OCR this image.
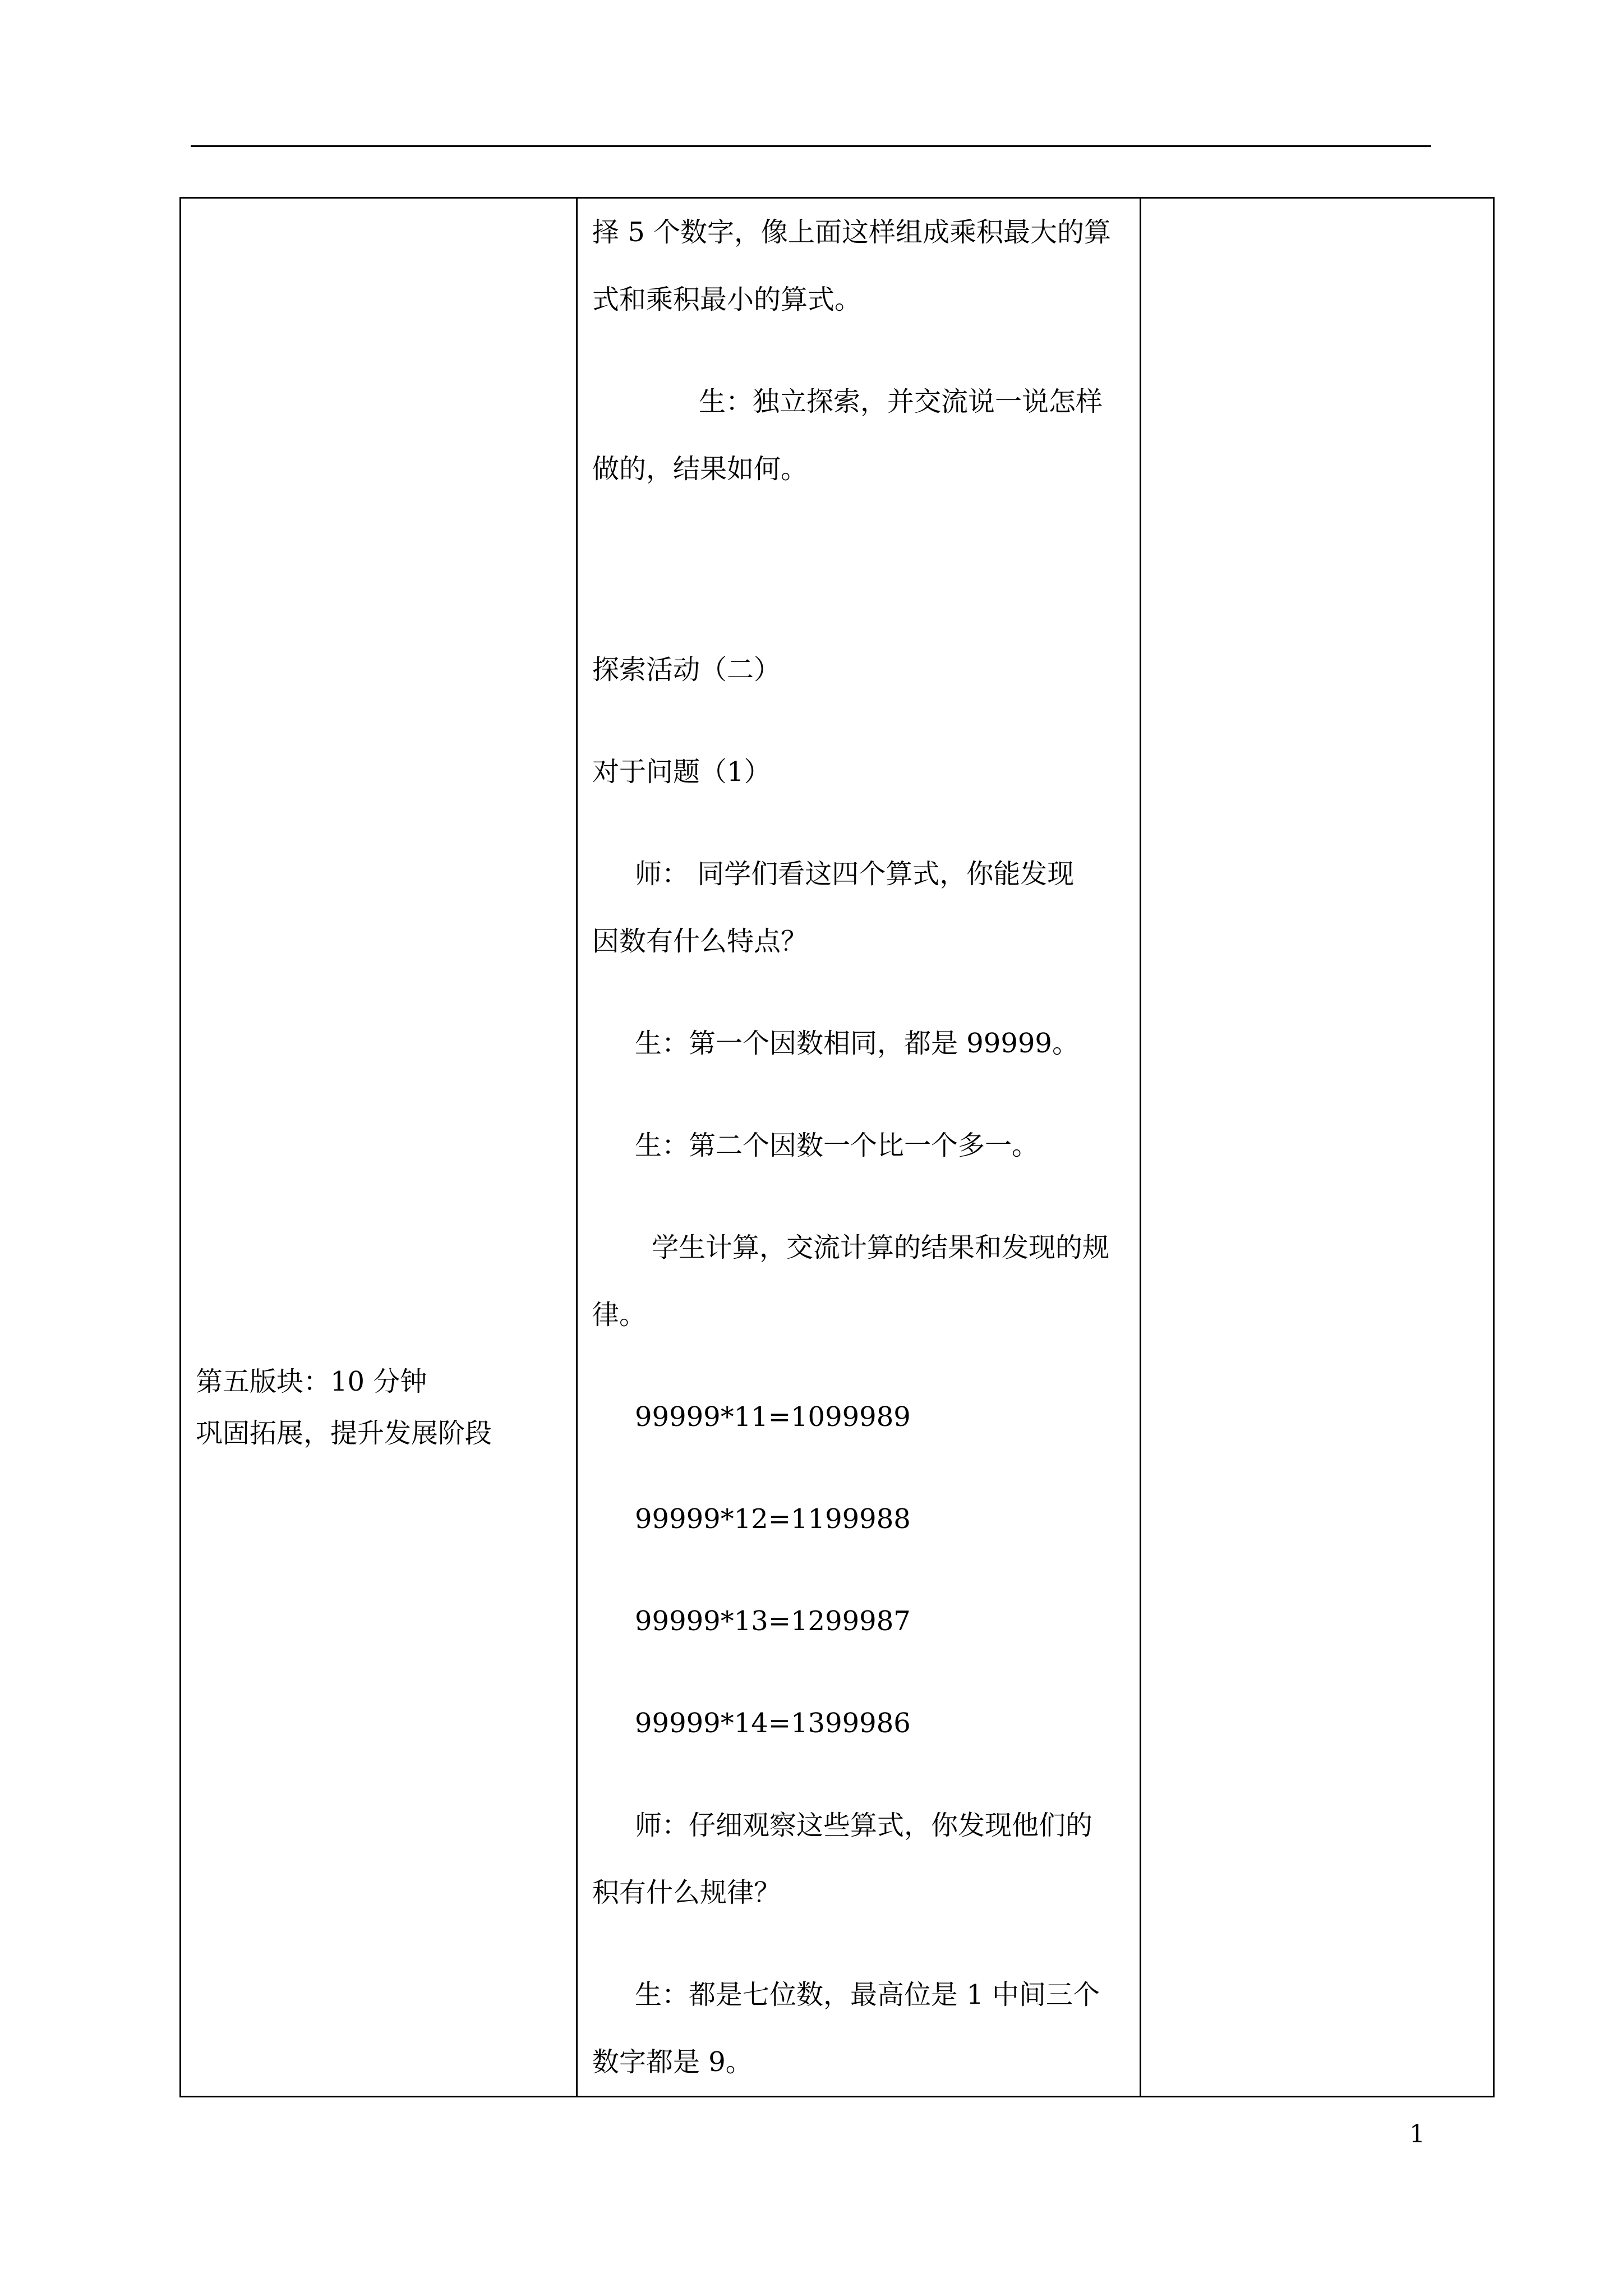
第五版块：10 分钟
巩固拓展，提升发展阶段

择 5 个数字，像上面这样组成乘积最大的算

式和乘积最小的算式。

生：独立探索，并交流说一说怎样

做的，结果如何。

探索活动（二）

对于问题（1）

师： 同学们看这四个算式，你能发现

因数有什么特点？

生：第一个因数相同，都是 99999。

生：第二个因数一个比一个多一。

学生计算，交流计算的结果和发现的规

律。

99999*11=1099989

99999*12=1199988

99999*13=1299987

99999*14=1399986

师：仔细观察这些算式，你发现他们的

积有什么规律？

生：都是七位数，最高位是 1 中间三个

数字都是 9。

1
